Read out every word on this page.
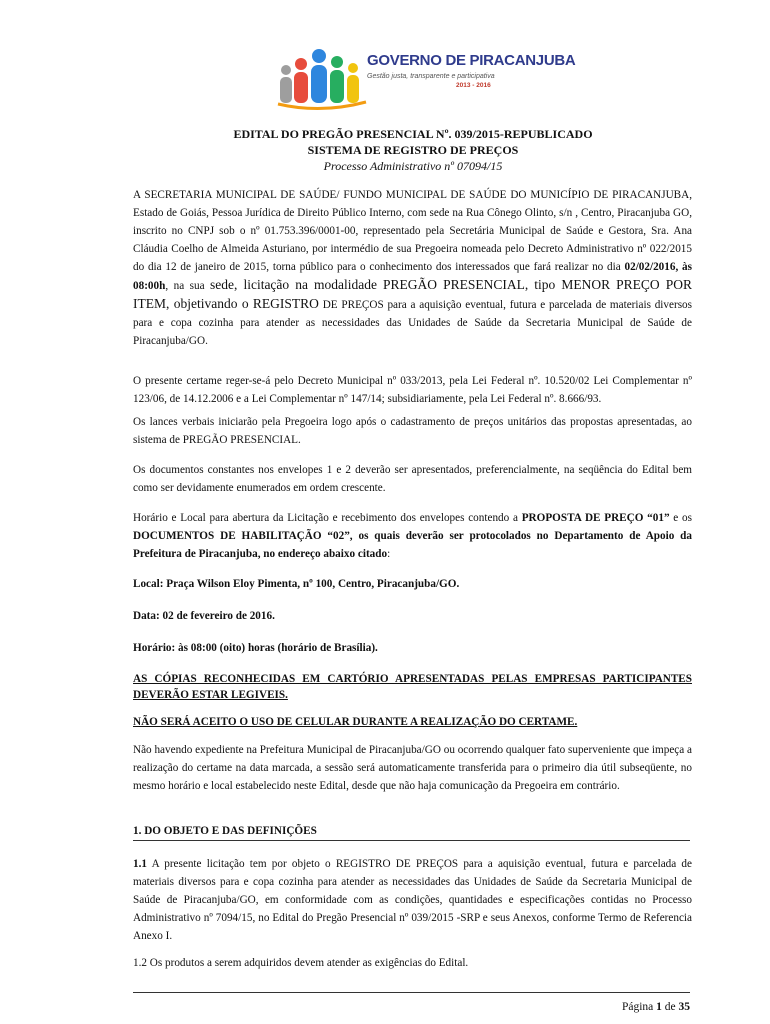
GOVERNO DE PIRACANJUBA
Gestão justa, transparente e participativa
2013 - 2016
EDITAL DO PREGÃO PRESENCIAL Nº. 039/2015-REPUBLICADO
SISTEMA DE REGISTRO DE PREÇOS
Processo Administrativo nº 07094/15
A SECRETARIA MUNICIPAL DE SAÚDE/ FUNDO MUNICIPAL DE SAÚDE DO MUNICÍPIO DE PIRACANJUBA, Estado de Goiás, Pessoa Jurídica de Direito Público Interno, com sede na Rua Cônego Olinto, s/n , Centro, Piracanjuba GO, inscrito no CNPJ sob o nº 01.753.396/0001-00, representado pela Secretária Municipal de Saúde e Gestora, Sra. Ana Cláudia Coelho de Almeida Asturiano, por intermédio de sua Pregoeira nomeada pelo Decreto Administrativo nº 022/2015 do dia 12 de janeiro de 2015, torna público para o conhecimento dos interessados que fará realizar no dia 02/02/2016, às 08:00h, na sua sede, licitação na modalidade PREGÃO PRESENCIAL, tipo MENOR PREÇO POR ITEM, objetivando o REGISTRO DE PREÇOS para a aquisição eventual, futura e parcelada de materiais diversos para e copa cozinha para atender as necessidades das Unidades de Saúde da Secretaria Municipal de Saúde de Piracanjuba/GO.
O presente certame reger-se-á pelo Decreto Municipal nº 033/2013, pela Lei Federal nº. 10.520/02 Lei Complementar nº 123/06, de 14.12.2006 e a Lei Complementar nº 147/14; subsidiariamente, pela Lei Federal nº. 8.666/93.
Os lances verbais iniciarão pela Pregoeira logo após o cadastramento de preços unitários das propostas apresentadas, ao sistema de PREGÃO PRESENCIAL.
Os documentos constantes nos envelopes 1 e 2 deverão ser apresentados, preferencialmente, na seqüência do Edital bem como ser devidamente enumerados em ordem crescente.
Horário e Local para abertura da Licitação e recebimento dos envelopes contendo a PROPOSTA DE PREÇO “01” e os DOCUMENTOS DE HABILITAÇÃO “02”, os quais deverão ser protocolados no Departamento de Apoio da Prefeitura de Piracanjuba, no endereço abaixo citado:
Local: Praça Wilson Eloy Pimenta, nº 100, Centro, Piracanjuba/GO.
Data: 02 de fevereiro de 2016.
Horário: às 08:00 (oito) horas (horário de Brasília).
AS CÓPIAS RECONHECIDAS EM CARTÓRIO APRESENTADAS PELAS EMPRESAS PARTICIPANTES DEVERÃO ESTAR LEGIVEIS.
NÃO SERÁ ACEITO O USO DE CELULAR DURANTE A REALIZAÇÃO DO CERTAME.
Não havendo expediente na Prefeitura Municipal de Piracanjuba/GO ou ocorrendo qualquer fato superveniente que impeça a realização do certame na data marcada, a sessão será automaticamente transferida para o primeiro dia útil subseqüente, no mesmo horário e local estabelecido neste Edital, desde que não haja comunicação da Pregoeira em contrário.
1. DO OBJETO E DAS DEFINIÇÕES
1.1 A presente licitação tem por objeto o REGISTRO DE PREÇOS para a aquisição eventual, futura e parcelada de materiais diversos para e copa cozinha para atender as necessidades das Unidades de Saúde da Secretaria Municipal de Saúde de Piracanjuba/GO, em conformidade com as condições, quantidades e especificações contidas no Processo Administrativo nº 7094/15, no Edital do Pregão Presencial nº 039/2015 -SRP e seus Anexos, conforme Termo de Referencia Anexo I.
1.2 Os produtos a serem adquiridos devem atender as exigências do Edital.
Página 1 de 35
